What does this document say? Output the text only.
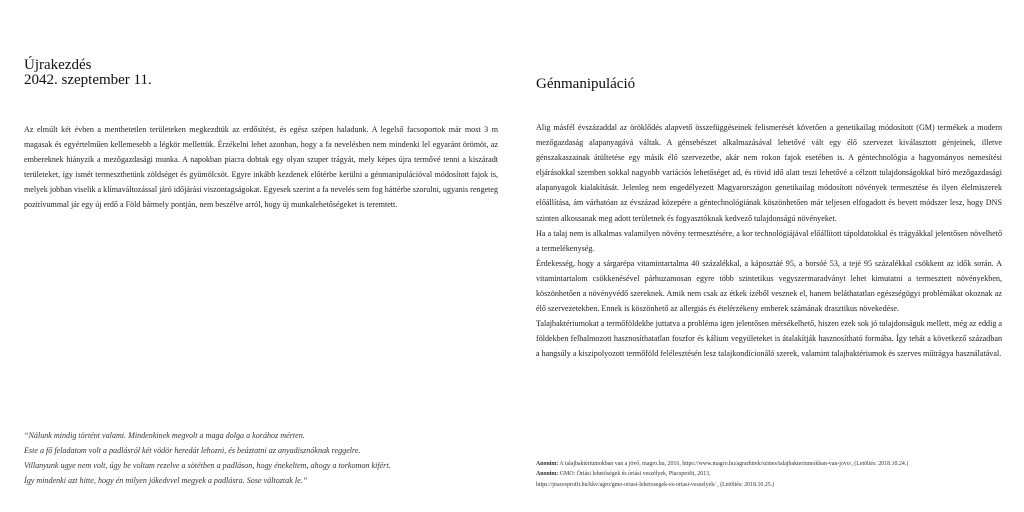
Újrakezdés
2042. szeptember 11.
Az elmúlt két évben a menthetetlen területeken megkezdtük az erdősítést, és egész szépen haladunk. A legelső facsoportok már most 3 m magasak és egyértelműen kellemesebb a légkör mellettük. Érzékelni lehet azonban, hogy a fa nevelésben nem mindenki lel egyaránt örömöt, az embereknek hiányzik a mezőgazdasági munka. A napokban piacra dobtak egy olyan szuper trágyát, mely képes újra termővé tenni a kiszáradt területeket, így ismét termeszthetünk zöldséget és gyümölcsöt. Egyre inkább kezdenek előtérbe kerülni a génmanipulációval módosított fajok is, melyek jobban viselik a klímaváltozással járó időjárási viszontagságokat. Egyesek szerint a fa nevelés sem fog háttérbe szorulni, ugyanis rengeteg pozitívummal jár egy új erdő a Föld bármely pontján, nem beszélve arról, hogy új munkalehetőségeket is teremtett.
“Nálunk mindig történt valami. Mindenkinek megvolt a maga dolga a korához mérten.
Este a fő feladatom volt a padlásról két vödör heredát lehozni, és beáztatni az anyadisznóknak reggelre.
Villanyunk ugye nem volt, úgy be voltam rezelve a sötétben a padláson, hogy énekeltem, ahogy a torkomon kifért.
Így mindenki azt hitte, hogy én milyen jókedvvel megyek a padlásra. Sose változtak le.”
Génmanipuláció

Alig másfél évszázaddal az öröklődés alapvető összefüggéseinek felismerését követően a genetikailag módosított (GM) termékek a modern mezőgazdaság alapanyagává váltak. A génsebészet alkalmazásával lehetővé vált egy élő szervezet kiválasztott génjeinek, illetve génszakaszainak átültetése egy másik élő szervezetbe, akár nem rokon fajok esetében is. A géntechnológia a hagyományos nemesítési eljárásokkal szemben sokkal nagyobb variációs lehetőséget ad, és rövid idő alatt teszi lehetővé a célzott tulajdonságokkal bíró mezőgazdasági alapanyagok kialakítását. Jelenleg nem engedélyezett Magyarországon genetikailag módosított növények termesztése és ilyen élelmiszerek előállítása, ám várhatóan az évszázad közepére a géntechnológiának köszönhetően már teljesen elfogadott és bevett módszer lesz, hogy DNS szinten alkossanak meg adott területnek és fogyasztóknak kedvező tulajdonságú növényeket.

Ha a talaj nem is alkalmas valamilyen növény termesztésére, a kor technológiájával előállított tápoldatokkal és trágyákkal jelentősen növelhető a termelékenység.

Érdekesség, hogy a sárgarépa vitamintartalma 40 százalékkal, a káposztáé 95, a borsóé 53, a tejé 95 százalékkal csökkent az idők során. A vitamintartalom csökkenésével párhuzamosan egyre több szintetikus vegyszermaradványt lehet kimutatni a termesztett növényekben, köszönhetően a növényvédő szereknek. Amik nem csak az étkek ízéből vesznek el, hanem beláthatatlan egészségügyi problémákat okoznak az élő szervezetekben. Ennek is köszönhető az allergiás és ételérzékeny emberek számának drasztikus növekedése.

Talajbaktériumokat a termőföldekbe juttatva a probléma igen jelentősen mérsékelhető, hiszen ezek sok jó tulajdonságuk mellett, még az eddig a földekben felhalmozott hasznosíthatatlan foszfor és kálium vegyületeket is átalakítják hasznosítható formába. Így tehát a következő században a hangsúly a kiszipolyozott termőföld felélesztésén lesz talajkondícionáló szerek, valamint talajbaktériumok és szerves műtrágya használatával.

Anonim: A talajbaktériumokban van a jövő, magro.hu, 2016, https://www.magro.hu/agrarhirek/szines/talajbakteriumokban-van-jovo/, (Letöltés: 2018.10.24.)
Anonim: GMO: Óriási lehetőségek és óriási veszélyek, Piacsprofit, 2013,
https://piacesprofit.hu/kkv/agro/gmo-oriasi-lehetosegek-es-oriasi-veszelyek/ , (Letöltés: 2018.10.25.)
